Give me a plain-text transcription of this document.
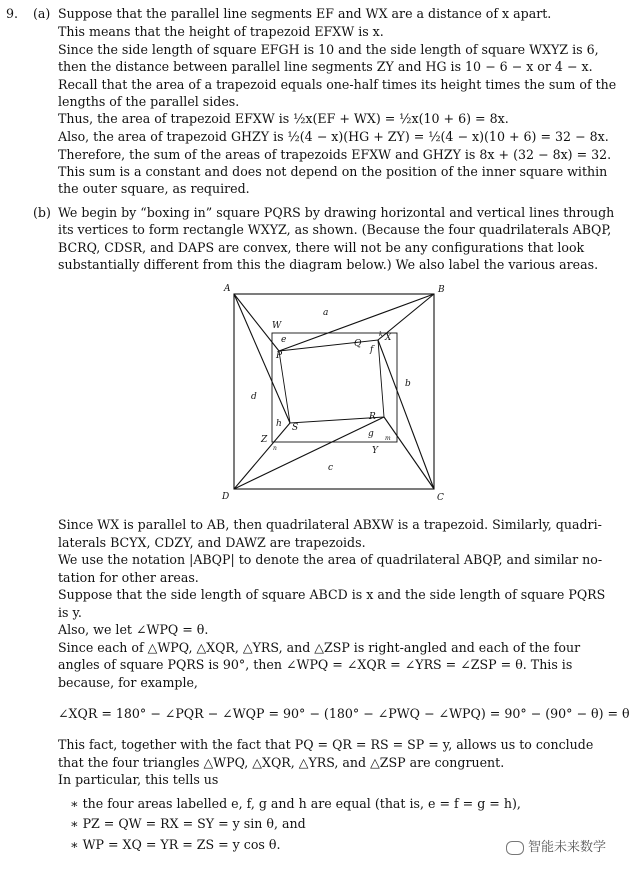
9. (a) Suppose that the parallel line segments EF and WX are a distance of x apart.
This means that the height of trapezoid EFXW is x.
Since the side length of square EFGH is 10 and the side length of square WXYZ is 6,
then the distance between parallel line segments ZY and HG is 10 − 6 − x or 4 − x.
Recall that the area of a trapezoid equals one-half times its height times the sum of the
lengths of the parallel sides.
Thus, the area of trapezoid EFXW is ½x(EF + WX) = ½x(10 + 6) = 8x.
Also, the area of trapezoid GHZY is ½(4 − x)(HG + ZY) = ½(4 − x)(10 + 6) = 32 − 8x.
Therefore, the sum of the areas of trapezoids EFXW and GHZY is 8x + (32 − 8x) = 32.
This sum is a constant and does not depend on the position of the inner square within
the outer square, as required.
(b) We begin by “boxing in” square PQRS by drawing horizontal and vertical lines through
its vertices to form rectangle WXYZ, as shown. (Because the four quadrilaterals ABQP,
BCRQ, CDSR, and DAPS are convex, there will not be any configurations that look
substantially different from this the diagram below.) We also label the various areas.
A	B
C
D
W
X
Y
Z
P
Q
R
S
a
b
c
d
e
f
g
h
k
m
n
Since WX is parallel to AB, then quadrilateral ABXW is a trapezoid. Similarly, quadri-
laterals BCYX, CDZY, and DAWZ are trapezoids.
We use the notation |ABQP| to denote the area of quadrilateral ABQP, and similar no-
tation for other areas.
Suppose that the side length of square ABCD is x and the side length of square PQRS
is y.
Also, we let ∠WPQ = θ.
Since each of △WPQ, △XQR, △YRS, and △ZSP is right-angled and each of the four
angles of square PQRS is 90°, then ∠WPQ = ∠XQR = ∠YRS = ∠ZSP = θ. This is
because, for example,
∠XQR = 180° − ∠PQR − ∠WQP = 90° − (180° − ∠PWQ − ∠WPQ) = 90° − (90° − θ) = θ
This fact, together with the fact that PQ = QR = RS = SP = y, allows us to conclude
that the four triangles △WPQ, △XQR, △YRS, and △ZSP are congruent.
In particular, this tells us
∗ the four areas labelled e, f, g and h are equal (that is, e = f = g = h),
∗ PZ = QW = RX = SY = y sin θ, and
∗ WP = XQ = YR = ZS = y cos θ.	智能未来数学
